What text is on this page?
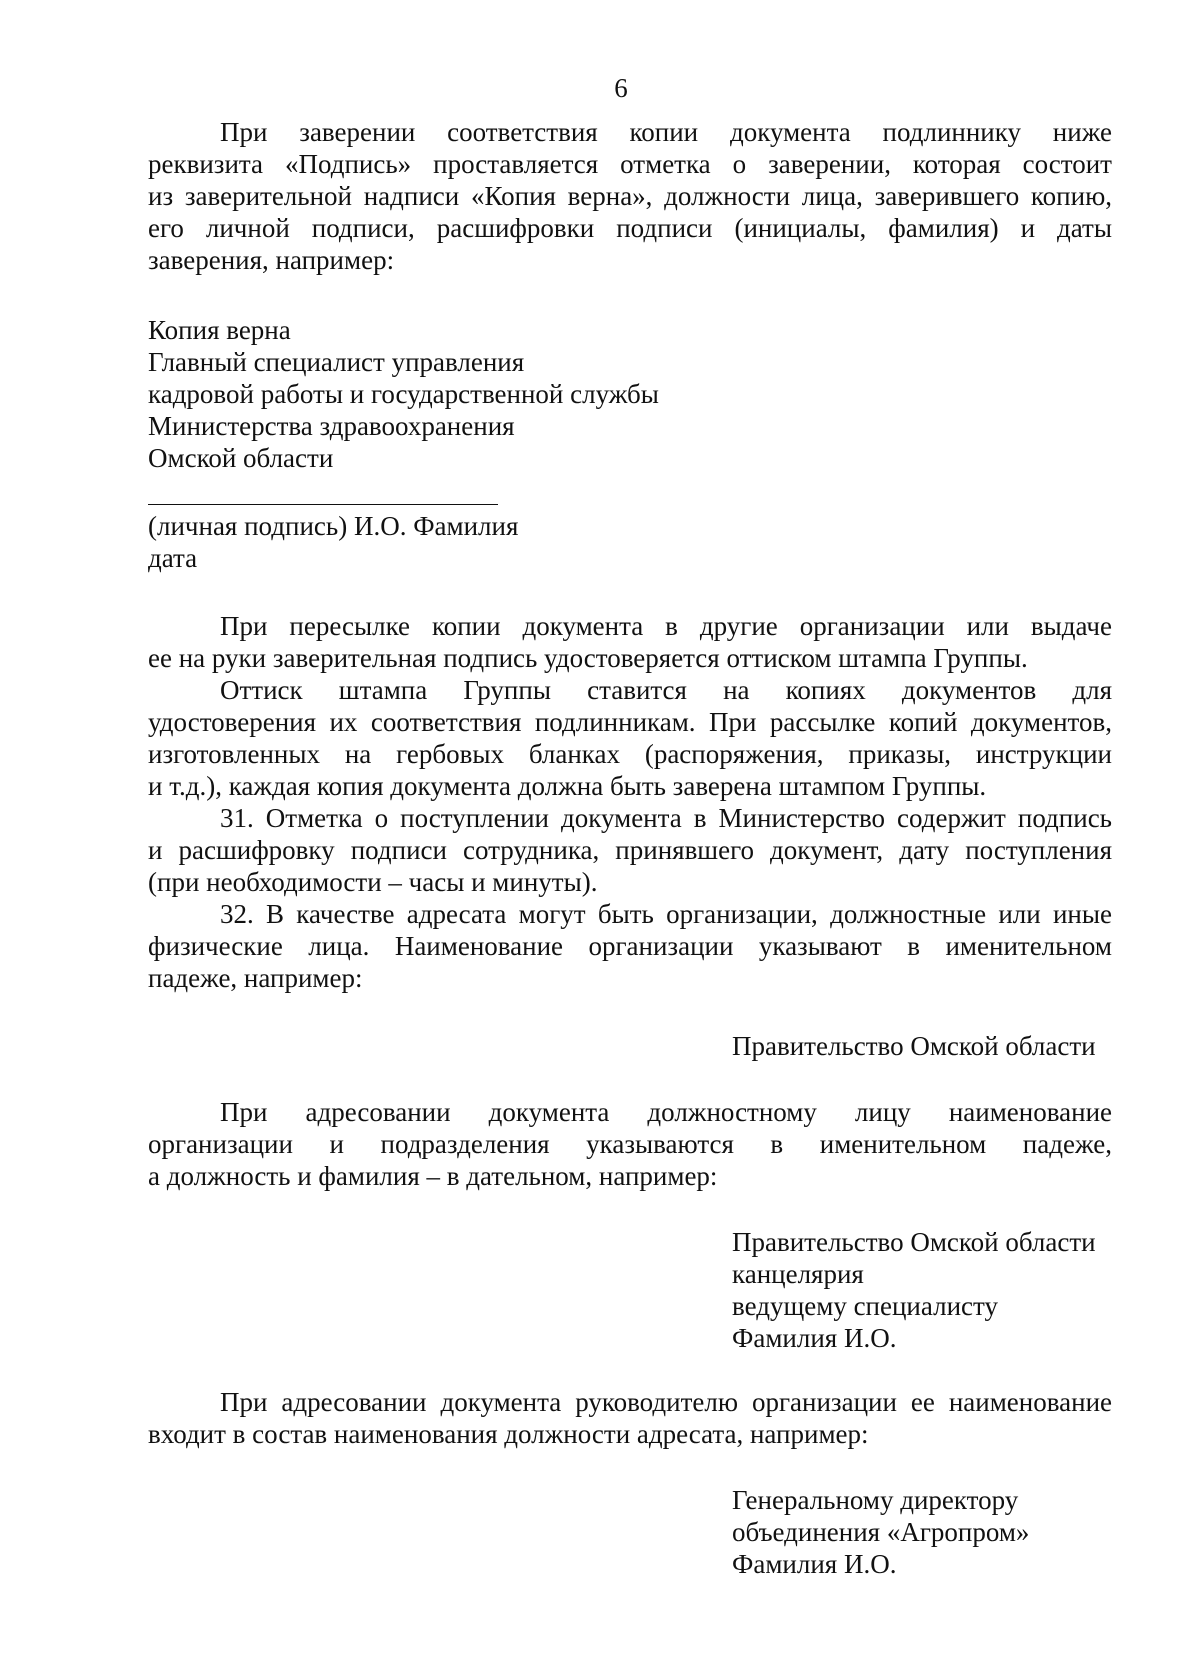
6
При заверении соответствия копии документа подлиннику ниже
реквизита «Подпись» проставляется отметка о заверении, которая состоит
из заверительной надписи «Копия верна», должности лица, заверившего копию,
его личной подписи, расшифровки подписи (инициалы, фамилия) и даты
заверения, например:
Копия верна
Главный специалист управления
кадровой работы и государственной службы
Министерства здравоохранения
Омской области
(личная подпись) И.О. Фамилия
дата
При пересылке копии документа в другие организации или выдаче
ее на руки заверительная подпись удостоверяется оттиском штампа Группы.
Оттиск штампа Группы ставится на копиях документов для
удостоверения их соответствия подлинникам. При рассылке копий документов,
изготовленных на гербовых бланках (распоряжения, приказы, инструкции
и т.д.), каждая копия документа должна быть заверена штампом Группы.
31. Отметка о поступлении документа в Министерство содержит подпись
и расшифровку подписи сотрудника, принявшего документ, дату поступления
(при необходимости – часы и минуты).
32. В качестве адресата могут быть организации, должностные или иные
физические лица. Наименование организации указывают в именительном
падеже, например:
Правительство Омской области
При адресовании документа должностному лицу наименование
организации и подразделения указываются в именительном падеже,
а должность и фамилия – в дательном, например:
Правительство Омской области
канцелярия
ведущему специалисту
Фамилия И.О.
При адресовании документа руководителю организации ее наименование
входит в состав наименования должности адресата, например:
Генеральному директору
объединения «Агропром»
Фамилия И.О.
